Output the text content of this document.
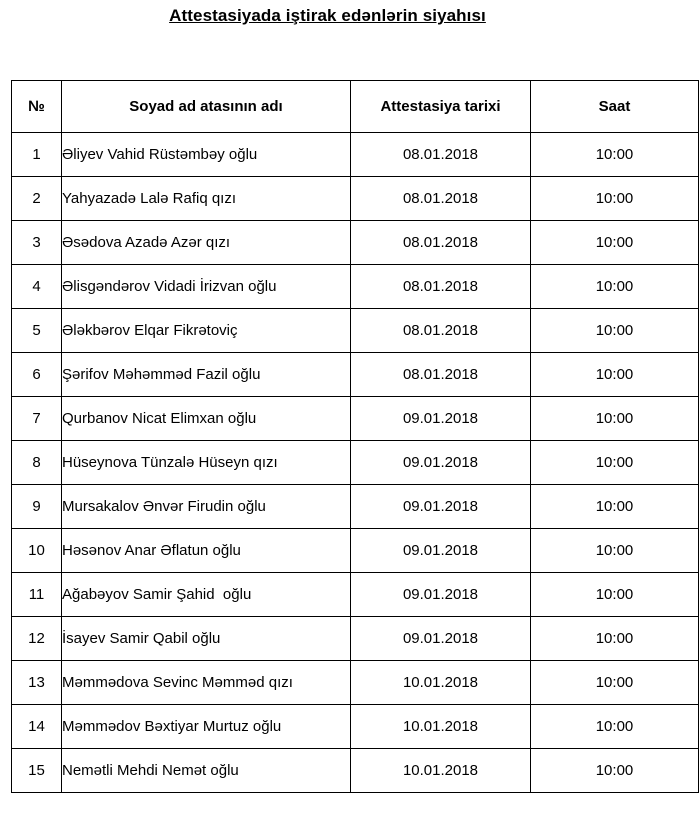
Attestasiyada iştirak edənlərin siyahısı
№	Soyad ad atasının adı	Attestasiya tarixi	Saat
1	Əliyev Vahid Rüstəmbəy oğlu	08.01.2018	10:00
2	Yahyazadə Lalə Rafiq qızı	08.01.2018	10:00
3	Əsədova Azadə Azər qızı	08.01.2018	10:00
4	Əlisgəndərov Vidadi İrizvan oğlu	08.01.2018	10:00
5	Ələkbərov Elqar Fikrətoviç	08.01.2018	10:00
6	Şərifov Məhəmməd Fazil oğlu	08.01.2018	10:00
7	Qurbanov Nicat Elimxan oğlu	09.01.2018	10:00
8	Hüseynova Tünzalə Hüseyn qızı	09.01.2018	10:00
9	Mursakalov Ənvər Firudin oğlu	09.01.2018	10:00
10	Həsənov Anar Əflatun oğlu	09.01.2018	10:00
11	Ağabəyov Samir Şahid  oğlu	09.01.2018	10:00
12	İsayev Samir Qabil oğlu	09.01.2018	10:00
13	Məmmədova Sevinc Məmməd qızı	10.01.2018	10:00
14	Məmmədov Bəxtiyar Murtuz oğlu	10.01.2018	10:00
15	Nemətli Mehdi Nemət oğlu	10.01.2018	10:00
